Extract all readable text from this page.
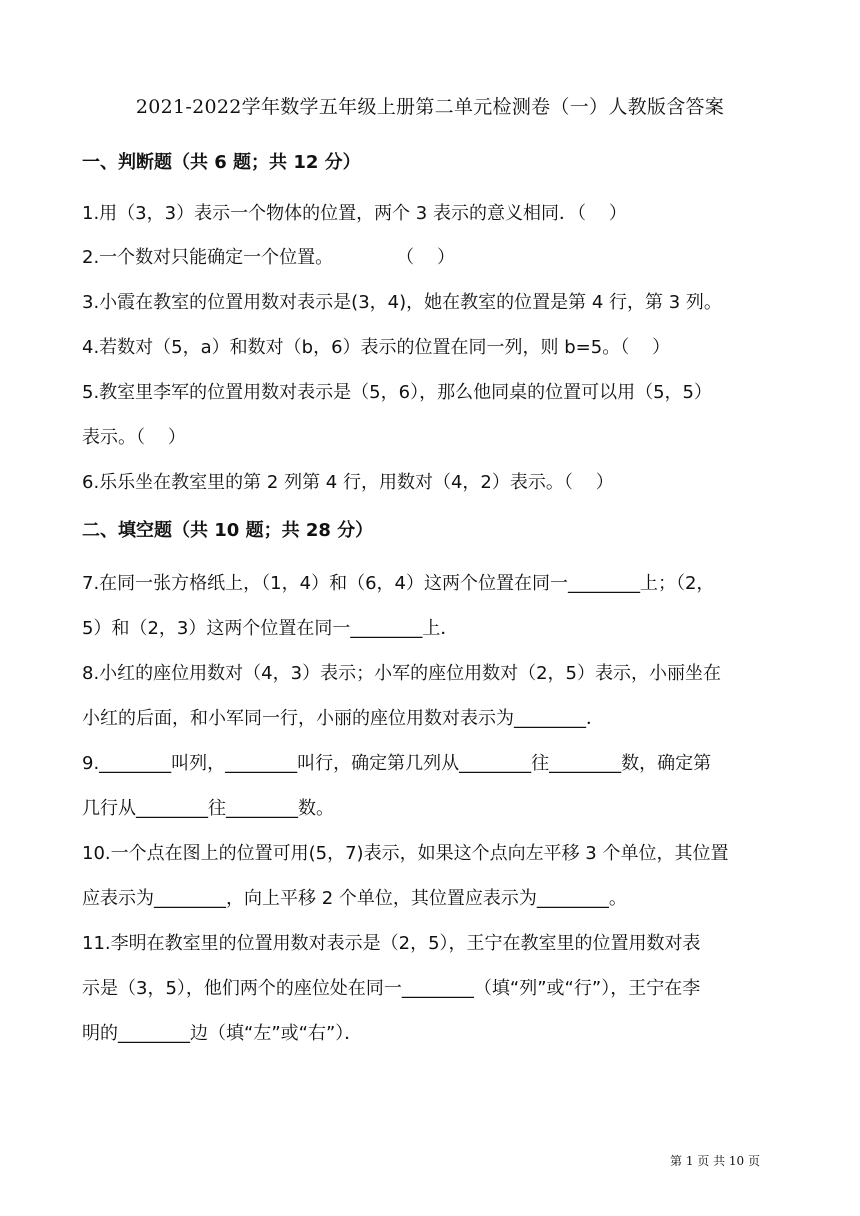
2021-2022学年数学五年级上册第二单元检测卷（一）人教版含答案
一、判断题（共 6 题；共 12 分）
1.用（3，3）表示一个物体的位置，两个 3 表示的意义相同．（    ）
2.一个数对只能确定一个位置。           （    ）
3.小霞在教室的位置用数对表示是(3，4)，她在教室的位置是第 4 行，第 3 列。
4.若数对（5，a）和数对（b，6）表示的位置在同一列，则 b=5。（    ）
5.教室里李军的位置用数对表示是（5，6），那么他同桌的位置可以用（5，5）
表示。（    ）
6.乐乐坐在教室里的第 2 列第 4 行，用数对（4，2）表示。（    ）
二、填空题（共 10 题；共 28 分）
7.在同一张方格纸上，（1，4）和（6，4）这两个位置在同一________上；（2，
5）和（2，3）这两个位置在同一________上．
8.小红的座位用数对（4，3）表示；小军的座位用数对（2，5）表示，小丽坐在
小红的后面，和小军同一行，小丽的座位用数对表示为________．
9.________叫列，________叫行，确定第几列从________往________数，确定第
几行从________往________数。
10.一个点在图上的位置可用(5，7)表示，如果这个点向左平移 3 个单位，其位置
应表示为________，向上平移 2 个单位，其位置应表示为________。
11.李明在教室里的位置用数对表示是（2，5），王宁在教室里的位置用数对表
示是（3，5），他们两个的座位处在同一________（填“列”或“行”），王宁在李
明的________边（填“左”或“右”）．
第 1 页 共 10 页
